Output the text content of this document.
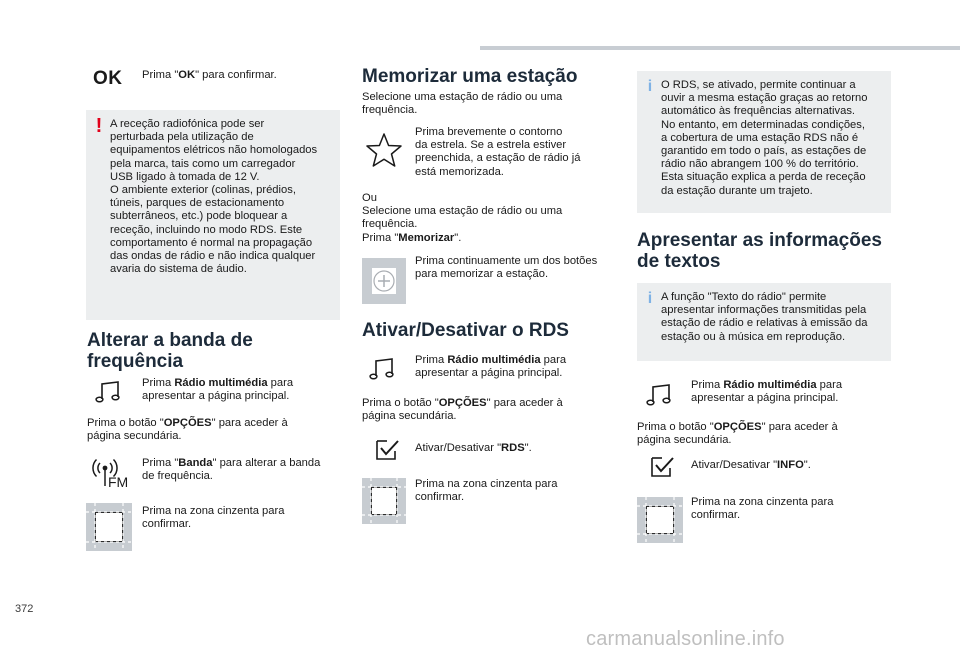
OK Prima "OK" para confirmar.
! A receção radiofónica pode ser
perturbada pela utilização de
equipamentos elétricos não homologados
pela marca, tais como um carregador
USB ligado à tomada de 12 V.
O ambiente exterior (colinas, prédios,
túneis, parques de estacionamento
subterrâneos, etc.) pode bloquear a
receção, incluindo no modo RDS. Este
comportamento é normal na propagação
das ondas de rádio e não indica qualquer
avaria do sistema de áudio.
Alterar a banda de
frequência
Prima Rádio multimédia para
apresentar a página principal.
Prima o botão "OPÇÕES" para aceder à
página secundária.
FM
Prima "Banda" para alterar a banda
de frequência.
Prima na zona cinzenta para
confirmar.
Memorizar uma estação
Selecione uma estação de rádio ou uma
frequência.
Prima brevemente o contorno
da estrela. Se a estrela estiver
preenchida, a estação de rádio já
está memorizada.
Ou
Selecione uma estação de rádio ou uma
frequência.
Prima "Memorizar".
Prima continuamente um dos botões
para memorizar a estação.
Ativar/Desativar o RDS
Prima Rádio multimédia para
apresentar a página principal.
Prima o botão "OPÇÕES" para aceder à
página secundária.
Ativar/Desativar "RDS".
Prima na zona cinzenta para
confirmar.
i O RDS, se ativado, permite continuar a
ouvir a mesma estação graças ao retorno
automático às frequências alternativas.
No entanto, em determinadas condições,
a cobertura de uma estação RDS não é
garantido em todo o país, as estações de
rádio não abrangem 100 % do território.
Esta situação explica a perda de receção
da estação durante um trajeto.
Apresentar as informações
de textos
i A função "Texto do rádio" permite
apresentar informações transmitidas pela
estação de rádio e relativas à emissão da
estação ou à música em reprodução.
Prima Rádio multimédia para
apresentar a página principal.
Prima o botão "OPÇÕES" para aceder à
página secundária.
Ativar/Desativar "INFO".
Prima na zona cinzenta para
confirmar.
372
carmanualsonline.info
